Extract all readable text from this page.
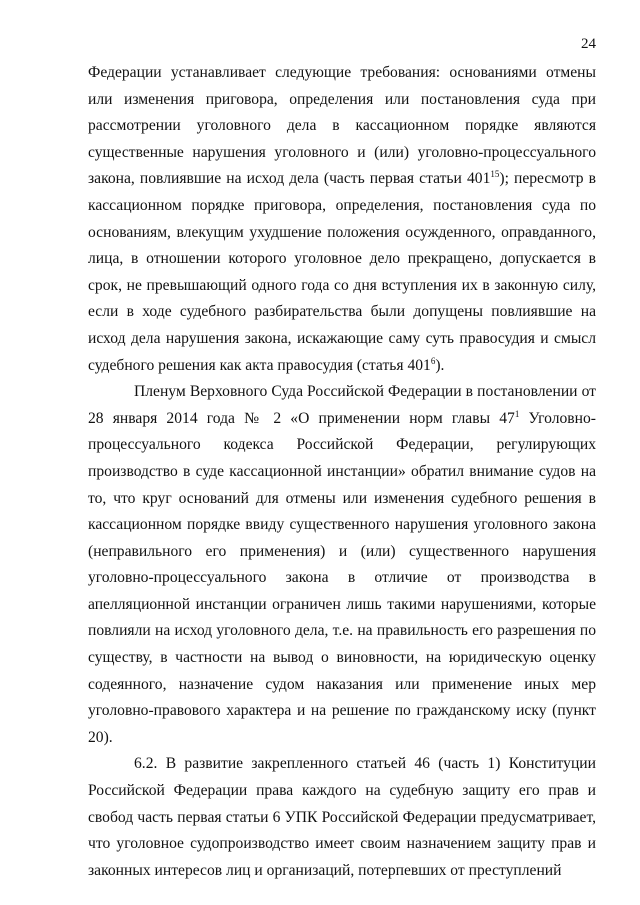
24

Федерации устанавливает следующие требования: основаниями отмены или изменения приговора, определения или постановления суда при рассмотрении уголовного дела в кассационном порядке являются существенные нарушения уголовного и (или) уголовно-процессуального закона, повлиявшие на исход дела (часть первая статьи $401^{15}$); пересмотр в кассационном порядке приговора, определения, постановления суда по основаниям, влекущим ухудшение положения осужденного, оправданного, лица, в отношении которого уголовное дело прекращено, допускается в срок, не превышающий одного года со дня вступления их в законную силу, если в ходе судебного разбирательства были допущены повлиявшие на исход дела нарушения закона, искажающие саму суть правосудия и смысл судебного решения как акта правосудия (статья $401^6$).

Пленум Верховного Суда Российской Федерации в постановлении от 28 января 2014 года № 2 «О применении норм главы $47^1$ Уголовно-процессуального кодекса Российской Федерации, регулирующих производство в суде кассационной инстанции» обратил внимание судов на то, что круг оснований для отмены или изменения судебного решения в кассационном порядке ввиду существенного нарушения уголовного закона (неправильного его применения) и (или) существенного нарушения уголовно-процессуального закона в отличие от производства в апелляционной инстанции ограничен лишь такими нарушениями, которые повлияли на исход уголовного дела, т.е. на правильность его разрешения по существу, в частности на вывод о виновности, на юридическую оценку содеянного, назначение судом наказания или применение иных мер уголовно-правового характера и на решение по гражданскому иску (пункт 20).

6.2. В развитие закрепленного статьей 46 (часть 1) Конституции Российской Федерации права каждого на судебную защиту его прав и свобод часть первая статьи 6 УПК Российской Федерации предусматривает, что уголовное судопроизводство имеет своим назначением защиту прав и законных интересов лиц и организаций, потерпевших от преступлений
